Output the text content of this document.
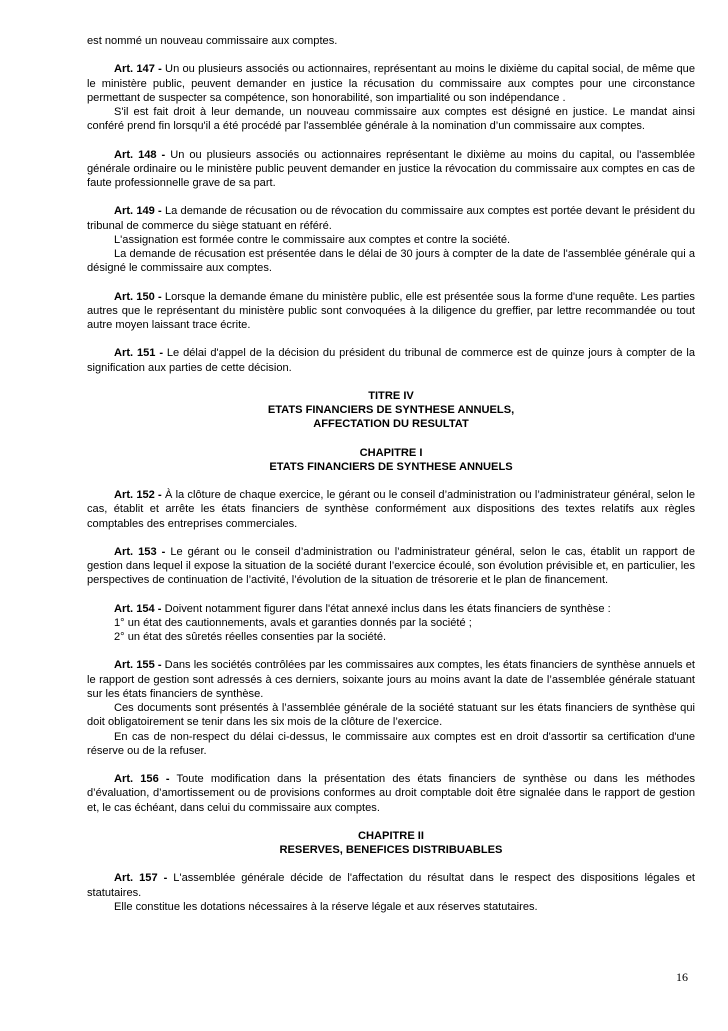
est nommé un nouveau commissaire aux comptes.

Art. 147 - Un ou plusieurs associés ou actionnaires, représentant au moins le dixième du capital social, de même que le ministère public, peuvent demander en justice la récusation du commissaire aux comptes pour une circonstance permettant de suspecter sa compétence, son honorabilité, son impartialité ou son indépendance .

S'il est fait droit à leur demande, un nouveau commissaire aux comptes est désigné en justice. Le mandat ainsi conféré prend fin lorsqu'il a été procédé par l'assemblée générale à la nomination d’un commissaire aux comptes.

Art. 148 - Un ou plusieurs associés ou actionnaires représentant le dixième au moins du capital, ou l'assemblée générale ordinaire ou le ministère public peuvent demander en justice la révocation du commissaire aux comptes en cas de faute professionnelle grave de sa part.

Art. 149 - La demande de récusation ou de révocation du commissaire aux comptes est portée devant le président du tribunal de commerce du siège statuant en référé.

L'assignation est formée contre le commissaire aux comptes et contre la société.

La demande de récusation est présentée dans le délai de 30 jours à compter de la date de l'assemblée générale qui a désigné le commissaire aux comptes.

Art. 150 - Lorsque la demande émane du ministère public, elle est présentée sous la forme d'une requête. Les parties autres que le représentant du ministère public sont convoquées à la diligence du greffier, par lettre recommandée ou tout autre moyen laissant trace écrite.

Art. 151 - Le délai d'appel de la décision du président du tribunal de commerce est de quinze jours à compter de la signification aux parties de cette décision.

TITRE IV
ETATS FINANCIERS DE SYNTHESE ANNUELS,
AFFECTATION DU RESULTAT
CHAPITRE I
ETATS FINANCIERS DE SYNTHESE ANNUELS

Art. 152 - À la clôture de chaque exercice, le gérant ou le conseil d’administration ou l’administrateur général, selon le cas, établit et arrête les états financiers de synthèse conformément aux dispositions des textes relatifs aux règles comptables des entreprises commerciales.

Art. 153 - Le gérant ou le conseil d’administration ou l’administrateur général, selon le cas, établit un rapport de gestion dans lequel il expose la situation de la société durant l’exercice écoulé, son évolution prévisible et, en particulier, les perspectives de continuation de l’activité, l’évolution de la situation de trésorerie et le plan de financement.

Art. 154 - Doivent notamment figurer dans l'état annexé inclus dans les états financiers de synthèse :

1° un état des cautionnements, avals et garanties donnés par la société ;

2° un état des sûretés réelles consenties par la société.

Art. 155 - Dans les sociétés contrôlées par les commissaires aux comptes, les états financiers de synthèse annuels et le rapport de gestion sont adressés à ces derniers, soixante jours au moins avant la date de l’assemblée générale statuant sur les états financiers de synthèse.

Ces documents sont présentés à l’assemblée générale de la société statuant sur les états financiers de synthèse qui doit obligatoirement se tenir dans les six mois de la clôture de l’exercice.

En cas de non-respect du délai ci-dessus, le commissaire aux comptes est en droit d'assortir sa certification d'une réserve ou de la refuser.

Art. 156 - Toute modification dans la présentation des états financiers de synthèse ou dans les méthodes d’évaluation, d’amortissement ou de provisions conformes au droit comptable doit être signalée dans le rapport de gestion et, le cas échéant, dans celui du commissaire aux comptes.

CHAPITRE II
RESERVES, BENEFICES DISTRIBUABLES

Art. 157 - L'assemblée générale décide de l'affectation du résultat dans le respect des dispositions légales et statutaires.

Elle constitue les dotations nécessaires à la réserve légale et aux réserves statutaires.

16
